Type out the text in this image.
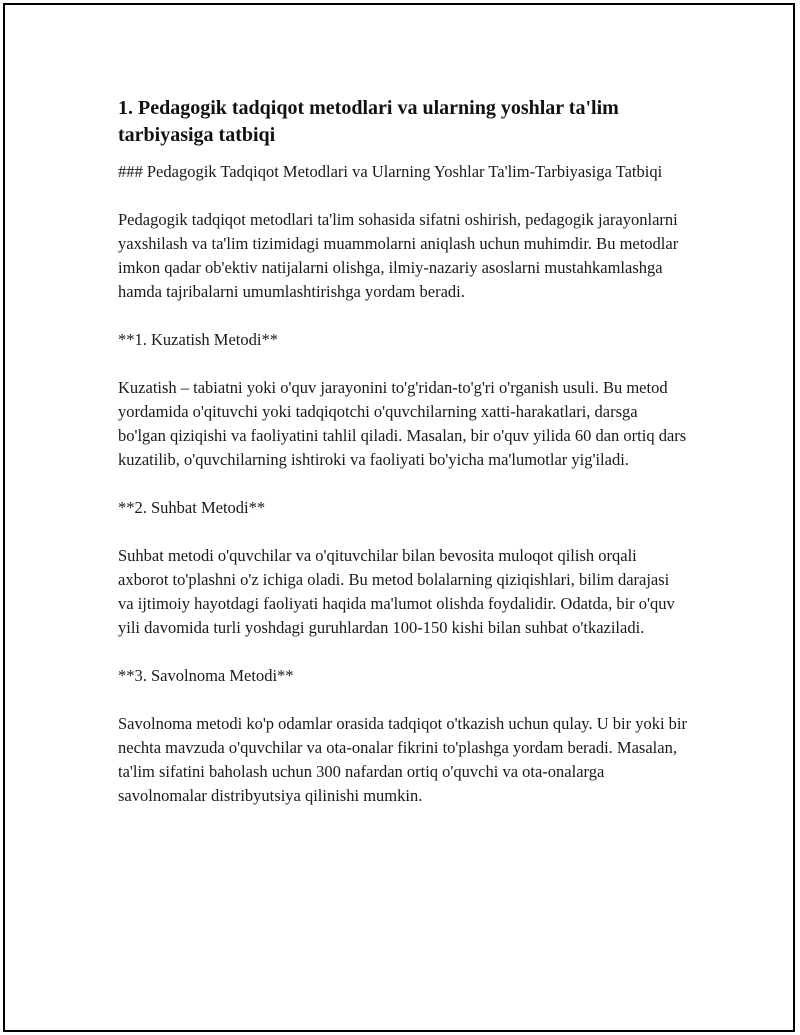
1. Pedagogik tadqiqot metodlari va ularning yoshlar ta'lim tarbiyasiga tatbiqi

### Pedagogik Tadqiqot Metodlari va Ularning Yoshlar Ta'lim-Tarbiyasiga Tatbiqi

Pedagogik tadqiqot metodlari ta'lim sohasida sifatni oshirish, pedagogik jarayonlarni yaxshilash va ta'lim tizimidagi muammolarni aniqlash uchun muhimdir. Bu metodlar imkon qadar ob'ektiv natijalarni olishga, ilmiy-nazariy asoslarni mustahkamlashga hamda tajribalarni umumlashtirishga yordam beradi.

**1. Kuzatish Metodi**

Kuzatish – tabiatni yoki o'quv jarayonini to'g'ridan-to'g'ri o'rganish usuli. Bu metod yordamida o'qituvchi yoki tadqiqotchi o'quvchilarning xatti-harakatlari, darsga bo'lgan qiziqishi va faoliyatini tahlil qiladi. Masalan, bir o'quv yilida 60 dan ortiq dars kuzatilib, o'quvchilarning ishtiroki va faoliyati bo'yicha ma'lumotlar yig'iladi.

**2. Suhbat Metodi**

Suhbat metodi o'quvchilar va o'qituvchilar bilan bevosita muloqot qilish orqali axborot to'plashni o'z ichiga oladi. Bu metod bolalarning qiziqishlari, bilim darajasi va ijtimoiy hayotdagi faoliyati haqida ma'lumot olishda foydalidir. Odatda, bir o'quv yili davomida turli yoshdagi guruhlardan 100-150 kishi bilan suhbat o'tkaziladi.

**3. Savolnoma Metodi**

Savolnoma metodi ko'p odamlar orasida tadqiqot o'tkazish uchun qulay. U bir yoki bir nechta mavzuda o'quvchilar va ota-onalar fikrini to'plashga yordam beradi. Masalan, ta'lim sifatini baholash uchun 300 nafardan ortiq o'quvchi va ota-onalarga savolnomalar distribyutsiya qilinishi mumkin.
